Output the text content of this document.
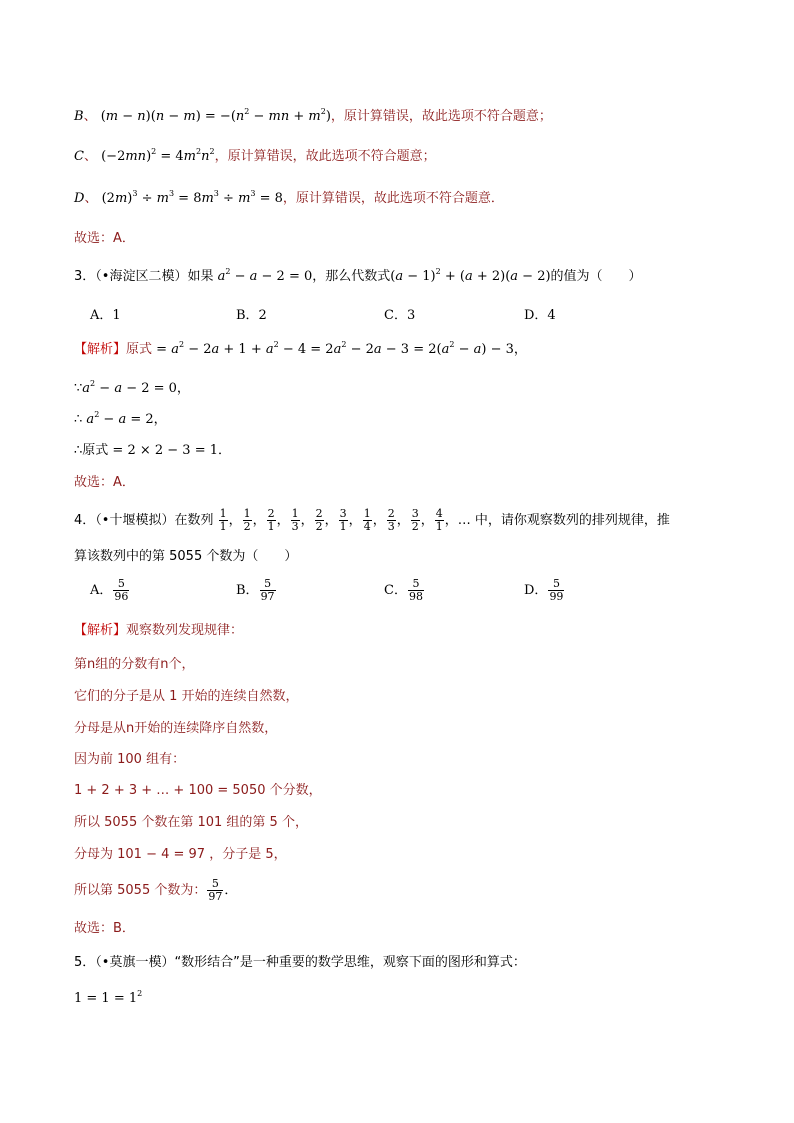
B、 $(m - n)(n - m) = -(n^2$ − mn + $m^2$)，原计算错误，故此选项不符合题意；
C、 $(-2mn)^2 = 4m^2n^2$，原计算错误，故此选项不符合题意；
D、 $(2m)^3 \div m^3 = 8m^3 \div m^3 = 8$，原计算错误，故此选项不符合题意．
故选：A．
3．（•海淀区二模）如果 $a^2 - a - 2 = 0$，那么代数式$(a - 1)^2 + (a + 2)(a - 2)$的值为（　　）
A．1	B．2	C．3	D．4
【解析】原式 = $a^2 - 2a + 1 + a^2 - 4 = 2a^2 - 2a - 3 = 2(a^2 - a) - 3$，
$\because a^2 - a - 2 = 0$，
∴ $a^2 - a = 2$，
∴原式 = 2 × 2 − 3 = 1．
故选：A．
4．（•十堰模拟）在数列 $\frac{1}{1}$ ， $\frac{1}{2}$ ， $\frac{2}{1}$ ， $\frac{1}{3}$ ， $\frac{2}{2}$ ， $\frac{3}{1}$ ， $\frac{1}{4}$ ， $\frac{2}{3}$ ， $\frac{3}{2}$ ， $\frac{4}{1}$ ，… 中，请你观察数列的排列规律，推
算该数列中的第 5055 个数为（　　）
A． $\frac{5}{96}$	B． $\frac{5}{97}$	C． $\frac{5}{98}$	D． $\frac{5}{99}$
【解析】观察数列发现规律：
第n组的分数有n个，
它们的分子是从 1 开始的连续自然数，
分母是从n开始的连续降序自然数，
因为前 100 组有：
1 + 2 + 3 + … + 100 = 5050 个分数，
所以 5055 个数在第 101 组的第 5 个，
分母为 101 − 4 = 97 ，分子是 5，
所以第 5055 个数为： $\frac{5}{97}$ ．
故选：B．
5．（•莫旗一模）“数形结合”是一种重要的数学思维，观察下面的图形和算式：
$1 = 1 = 1^2$
